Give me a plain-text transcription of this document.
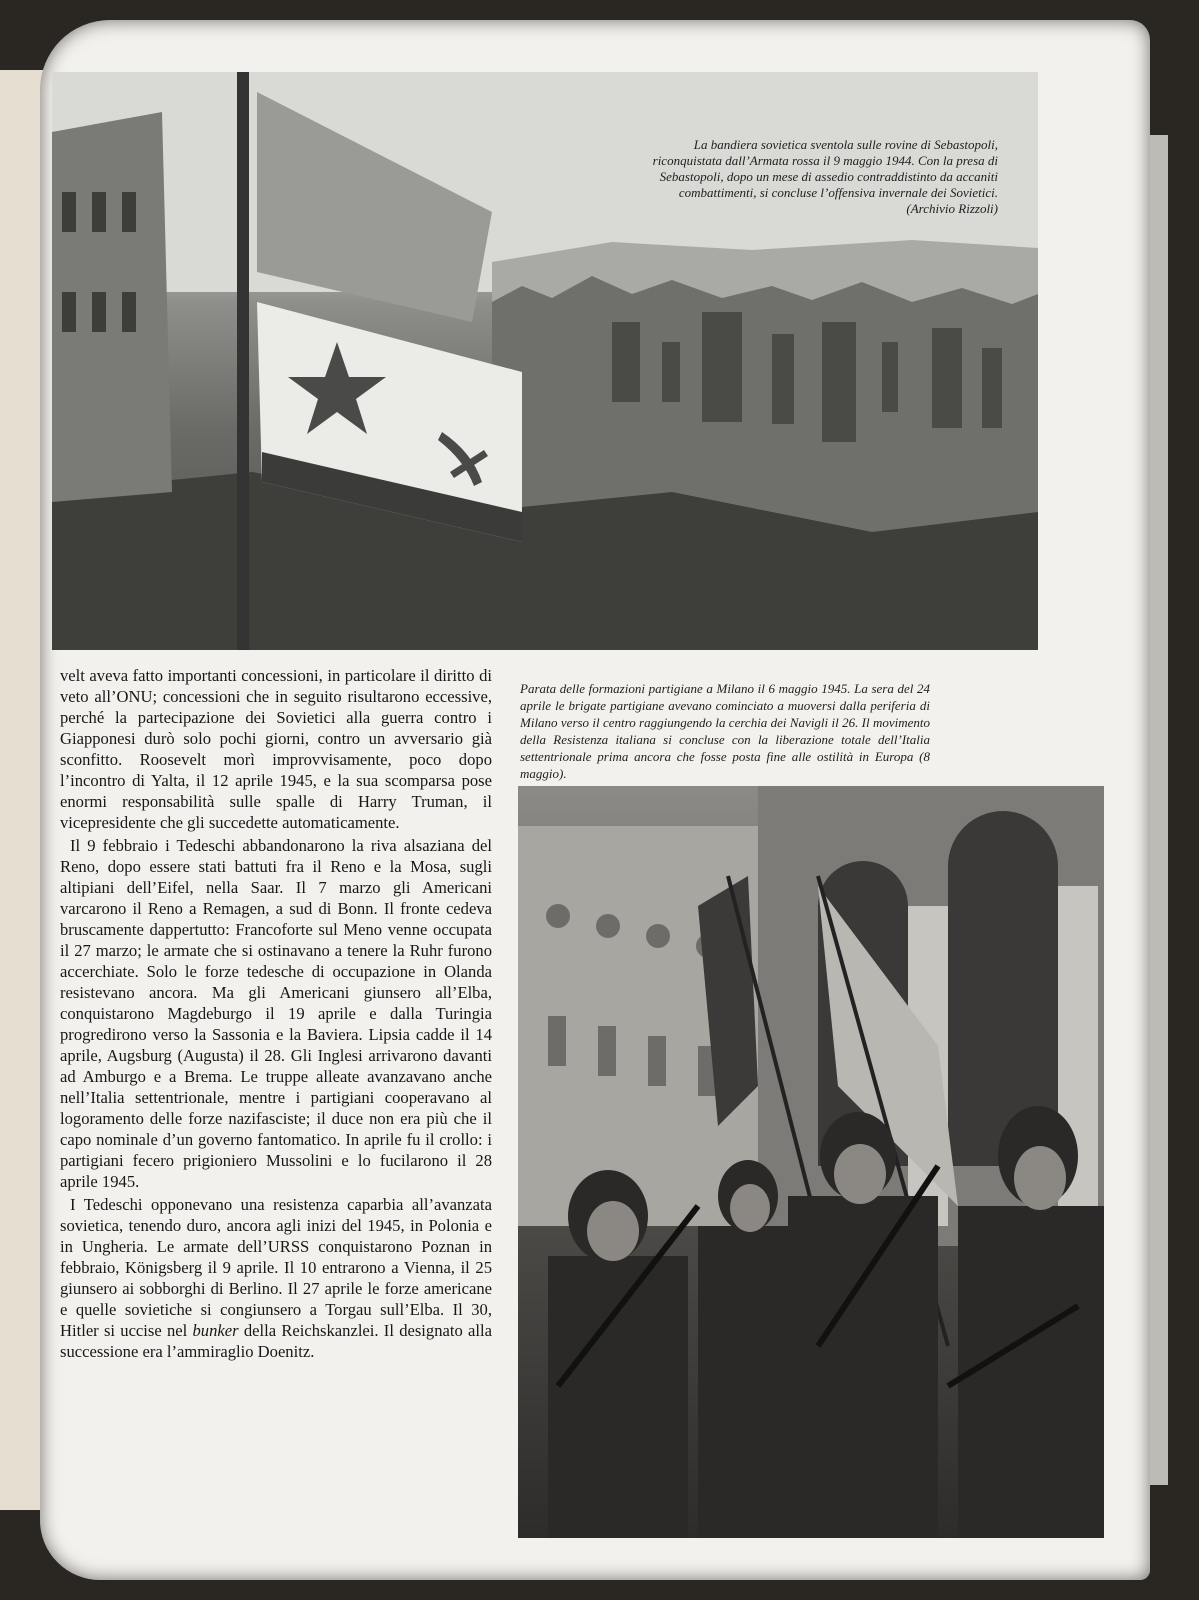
La bandiera sovietica sventola sulle rovine di Sebastopoli, riconquistata dall’Armata rossa il 9 maggio 1944. Con la presa di Sebastopoli, dopo un mese di assedio contraddistinto da accaniti combattimenti, si concluse l’offensiva invernale dei Sovietici.
(Archivio Rizzoli)
Parata delle formazioni partigiane a Milano il 6 maggio 1945. La sera del 24 aprile le brigate partigiane avevano cominciato a muoversi dalla periferia di Milano verso il centro raggiungendo la cerchia dei Navigli il 26. Il movimento della Resistenza italiana si concluse con la liberazione totale dell’Italia settentrionale prima ancora che fosse posta fine alle ostilità in Europa (8 maggio).

velt aveva fatto importanti concessioni, in particolare il diritto di veto all’ONU; concessioni che in seguito risultarono eccessive, perché la partecipazione dei Sovietici alla guerra contro i Giapponesi durò solo pochi giorni, contro un avversario già sconfitto. Roosevelt morì improvvisamente, poco dopo l’incontro di Yalta, il 12 aprile 1945, e la sua scomparsa pose enormi responsabilità sulle spalle di Harry Truman, il vicepresidente che gli succedette automaticamente.

Il 9 febbraio i Tedeschi abbandonarono la riva alsaziana del Reno, dopo essere stati battuti fra il Reno e la Mosa, sugli altipiani dell’Eifel, nella Saar. Il 7 marzo gli Americani varcarono il Reno a Remagen, a sud di Bonn. Il fronte cedeva bruscamente dappertutto: Francoforte sul Meno venne occupata il 27 marzo; le armate che si ostinavano a tenere la Ruhr furono accerchiate. Solo le forze tedesche di occupazione in Olanda resistevano ancora. Ma gli Americani giunsero all’Elba, conquistarono Magdeburgo il 19 aprile e dalla Turingia progredirono verso la Sassonia e la Baviera. Lipsia cadde il 14 aprile, Augsburg (Augusta) il 28. Gli Inglesi arrivarono davanti ad Amburgo e a Brema. Le truppe alleate avanzavano anche nell’Italia settentrionale, mentre i partigiani cooperavano al logoramento delle forze nazifasciste; il duce non era più che il capo nominale d’un governo fantomatico. In aprile fu il crollo: i partigiani fecero prigioniero Mussolini e lo fucilarono il 28 aprile 1945.

I Tedeschi opponevano una resistenza caparbia all’avanzata sovietica, tenendo duro, ancora agli inizi del 1945, in Polonia e in Ungheria. Le armate dell’URSS conquistarono Poznan in febbraio, Königsberg il 9 aprile. Il 10 entrarono a Vienna, il 25 giunsero ai sobborghi di Berlino. Il 27 aprile le forze americane e quelle sovietiche si congiunsero a Torgau sull’Elba. Il 30, Hitler si uccise nel bunker della Reichskanzlei. Il designato alla successione era l’ammiraglio Doenitz.
